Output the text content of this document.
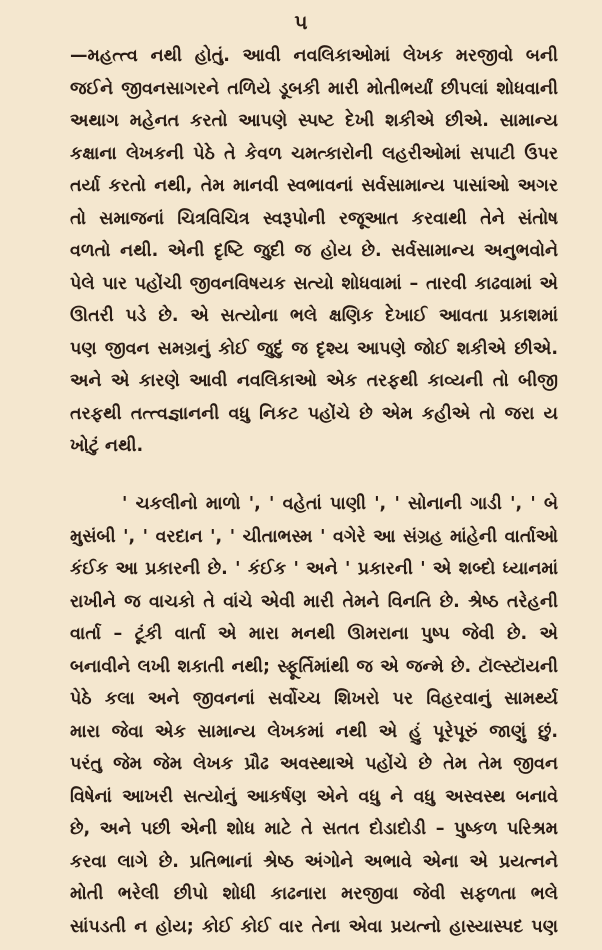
૫
—મહત્ત્વ નથી હોતું. આવી નવલિકાઓમાં લેખક મરજીવો બની
જઈને જીવનસાગરને તળિયે ડૂબકી મારી મોતીભર્યાં છીપલાં શોધવાની
અથાગ મહેનત કરતો આપણે સ્પષ્ટ દેખી શકીએ છીએ. સામાન્ય
કક્ષાના લેખકની પેઠે તે કેવળ ચમત્કારોની લહરીઓમાં સપાટી ઉપર
તર્યા કરતો નથી, તેમ માનવી સ્વભાવનાં સર્વસામાન્ય પાસાંઓ અગર
તો સમાજનાં ચિત્રવિચિત્ર સ્વરૂપોની રજૂઆત કરવાથી તેને સંતોષ
વળતો નથી. એની દૃષ્ટિ જુદી જ હોય છે. સર્વસામાન્ય અનુભવોને
પેલે પાર પહોંચી જીવનવિષયક સત્યો શોધવામાં – તારવી કાઢવામાં એ
ઊતરી પડે છે. એ સત્યોના ભલે ક્ષણિક દેખાઈ આવતા પ્રકાશમાં
પણ જીવન સમગ્રનું કોઈ જુદું જ દૃશ્ય આપણે જોઈ શકીએ છીએ.
અને એ કારણે આવી નવલિકાઓ એક તરફથી કાવ્યની તો બીજી
તરફથી તત્ત્વજ્ઞાનની વધુ નિકટ પહોંચે છે એમ કહીએ તો જરા ય
ખોટું નથી.
' ચકલીનો માળો ', ' વહેતાં પાણી ', ' સોનાની ગાડી ', ' બે
મુસંબી ', ' વરદાન ', ' ચીતાભસ્મ ' વગેરે આ સંગ્રહ માંહેની વાર્તાઓ
કંઈક આ પ્રકારની છે. ' કંઈક ' અને ' પ્રકારની ' એ શબ્દો ધ્યાનમાં
રાખીને જ વાચકો તે વાંચે એવી મારી તેમને વિનતિ છે. શ્રેષ્ઠ તરેહની
વાર્તા – ટૂંકી વાર્તા એ મારા મનથી ઊમરાના પુષ્પ જેવી છે. એ
બનાવીને લખી શકાતી નથી; સ્ફૂર્તિમાંથી જ એ જન્મે છે. ટૉલ્સ્ટૉયની
પેઠે કલા અને જીવનનાં સર્વોચ્ચ શિખરો પર વિહરવાનું સામર્થ્ય
મારા જેવા એક સામાન્ય લેખકમાં નથી એ હું પૂરેપૂરું જાણું છું.
પરંતુ જેમ જેમ લેખક પ્રૌઢ અવસ્થાએ પહોંચે છે તેમ તેમ જીવન
વિષેનાં આખરી સત્યોનું આકર્ષણ એને વધુ ને વધુ અસ્વસ્થ બનાવે
છે, અને પછી એની શોધ માટે તે સતત દોડાદોડી – પુષ્કળ પરિશ્રમ
કરવા લાગે છે. પ્રતિભાનાં શ્રેષ્ઠ અંગોને અભાવે એના એ પ્રયત્નને
મોતી ભરેલી છીપો શોધી કાઢનારા મરજીવા જેવી સફળતા ભલે
સાંપડતી ન હોય; કોઈ કોઈ વાર તેના એવા પ્રયત્નો હાસ્યાસ્પદ પણ
